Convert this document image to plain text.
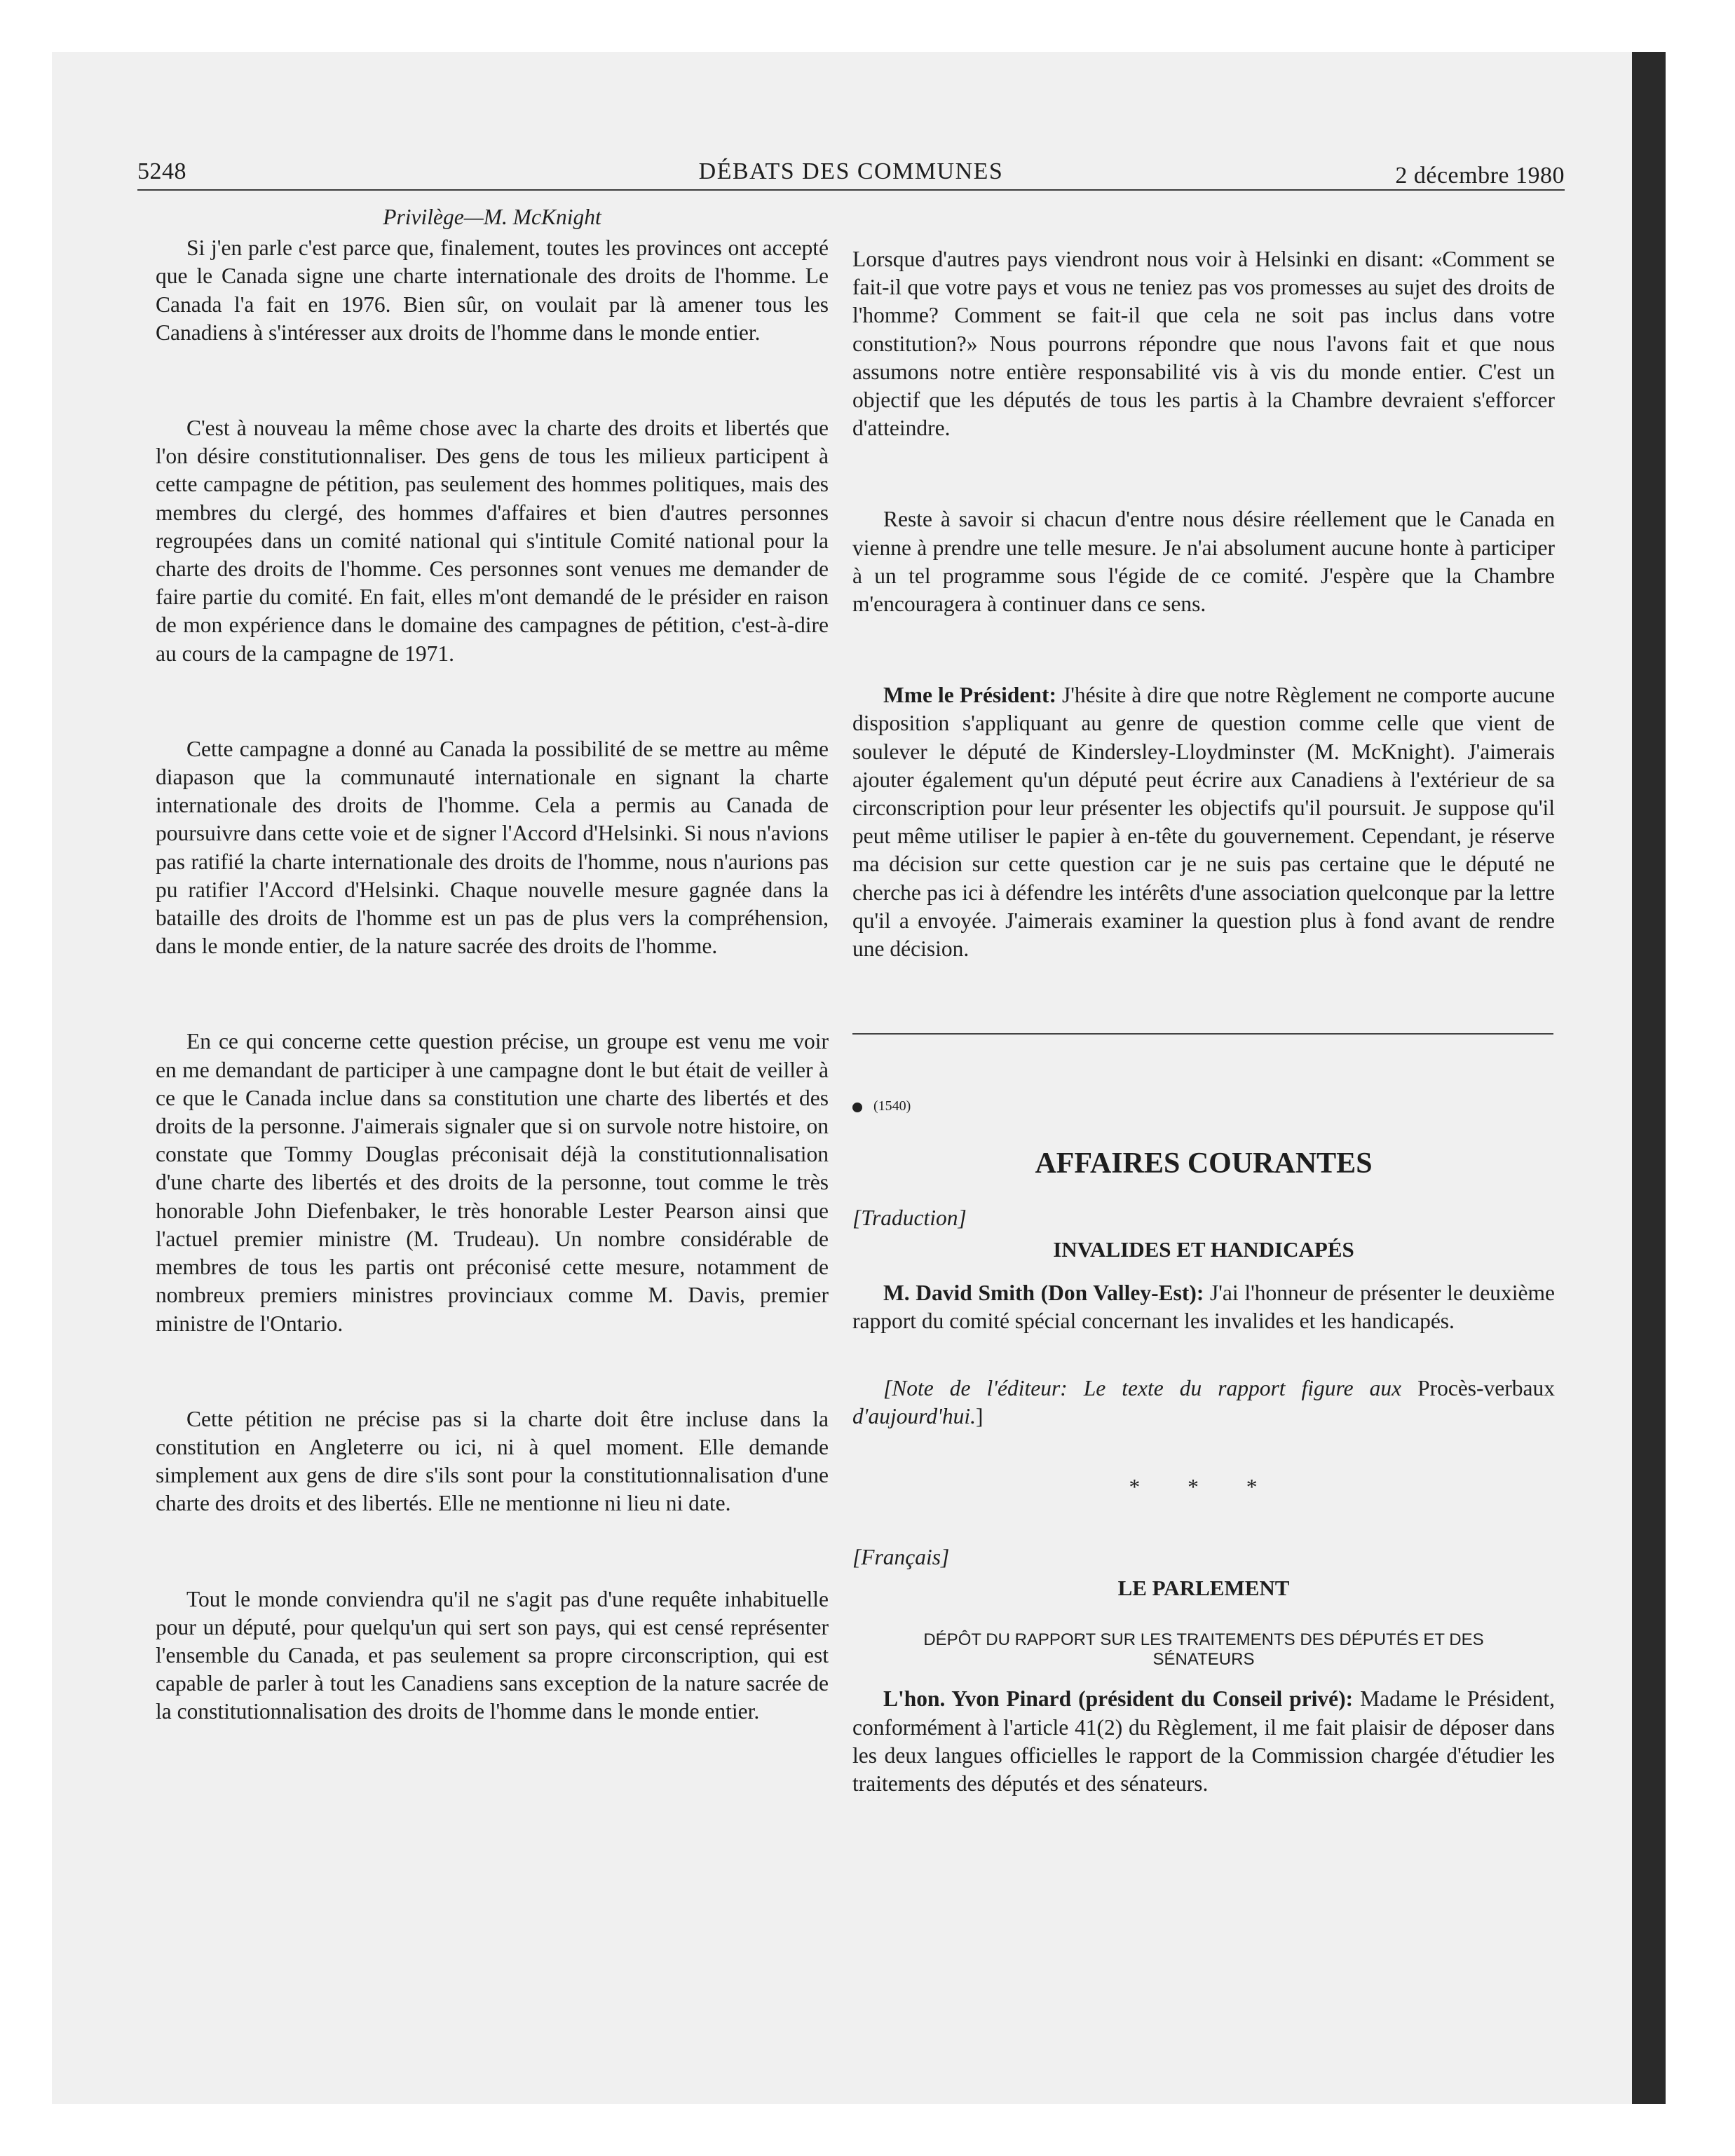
5248	DÉBATS DES COMMUNES	2 décembre 1980

Privilège—M. McKnight

Si j'en parle c'est parce que, finalement, toutes les provinces ont accepté que le Canada signe une charte internationale des droits de l'homme. Le Canada l'a fait en 1976. Bien sûr, on voulait par là amener tous les Canadiens à s'intéresser aux droits de l'homme dans le monde entier.

C'est à nouveau la même chose avec la charte des droits et libertés que l'on désire constitutionnaliser. Des gens de tous les milieux participent à cette campagne de pétition, pas seulement des hommes politiques, mais des membres du clergé, des hommes d'affaires et bien d'autres personnes regroupées dans un comité national qui s'intitule Comité national pour la charte des droits de l'homme. Ces personnes sont venues me demander de faire partie du comité. En fait, elles m'ont demandé de le présider en raison de mon expérience dans le domaine des campagnes de pétition, c'est-à-dire au cours de la campagne de 1971.

Cette campagne a donné au Canada la possibilité de se mettre au même diapason que la communauté internationale en signant la charte internationale des droits de l'homme. Cela a permis au Canada de poursuivre dans cette voie et de signer l'Accord d'Helsinki. Si nous n'avions pas ratifié la charte internationale des droits de l'homme, nous n'aurions pas pu ratifier l'Accord d'Helsinki. Chaque nouvelle mesure gagnée dans la bataille des droits de l'homme est un pas de plus vers la compréhension, dans le monde entier, de la nature sacrée des droits de l'homme.

En ce qui concerne cette question précise, un groupe est venu me voir en me demandant de participer à une campagne dont le but était de veiller à ce que le Canada inclue dans sa constitution une charte des libertés et des droits de la personne. J'aimerais signaler que si on survole notre histoire, on constate que Tommy Douglas préconisait déjà la constitutionnalisation d'une charte des libertés et des droits de la personne, tout comme le très honorable John Diefenbaker, le très honorable Lester Pearson ainsi que l'actuel premier ministre (M. Trudeau). Un nombre considérable de membres de tous les partis ont préconisé cette mesure, notamment de nombreux premiers ministres provinciaux comme M. Davis, premier ministre de l'Ontario.

Cette pétition ne précise pas si la charte doit être incluse dans la constitution en Angleterre ou ici, ni à quel moment. Elle demande simplement aux gens de dire s'ils sont pour la constitutionnalisation d'une charte des droits et des libertés. Elle ne mentionne ni lieu ni date.

Tout le monde conviendra qu'il ne s'agit pas d'une requête inhabituelle pour un député, pour quelqu'un qui sert son pays, qui est censé représenter l'ensemble du Canada, et pas seulement sa propre circonscription, qui est capable de parler à tout les Canadiens sans exception de la nature sacrée de la constitutionnalisation des droits de l'homme dans le monde entier.

Lorsque d'autres pays viendront nous voir à Helsinki en disant: «Comment se fait-il que votre pays et vous ne teniez pas vos promesses au sujet des droits de l'homme? Comment se fait-il que cela ne soit pas inclus dans votre constitution?» Nous pourrons répondre que nous l'avons fait et que nous assumons notre entière responsabilité vis à vis du monde entier. C'est un objectif que les députés de tous les partis à la Chambre devraient s'efforcer d'atteindre.

Reste à savoir si chacun d'entre nous désire réellement que le Canada en vienne à prendre une telle mesure. Je n'ai absolument aucune honte à participer à un tel programme sous l'égide de ce comité. J'espère que la Chambre m'encouragera à continuer dans ce sens.

Mme le Président: J'hésite à dire que notre Règlement ne comporte aucune disposition s'appliquant au genre de question comme celle que vient de soulever le député de Kindersley-Lloydminster (M. McKnight). J'aimerais ajouter également qu'un député peut écrire aux Canadiens à l'extérieur de sa circonscription pour leur présenter les objectifs qu'il poursuit. Je suppose qu'il peut même utiliser le papier à en-tête du gouvernement. Cependant, je réserve ma décision sur cette question car je ne suis pas certaine que le député ne cherche pas ici à défendre les intérêts d'une association quelconque par la lettre qu'il a envoyée. J'aimerais examiner la question plus à fond avant de rendre une décision.

(1540)

AFFAIRES COURANTES

[Traduction]

INVALIDES ET HANDICAPÉS

M. David Smith (Don Valley-Est): J'ai l'honneur de présenter le deuxième rapport du comité spécial concernant les invalides et les handicapés.

[Note de l'éditeur: Le texte du rapport figure aux Procès-verbaux d'aujourd'hui.]

* * *

[Français]

LE PARLEMENT

DÉPÔT DU RAPPORT SUR LES TRAITEMENTS DES DÉPUTÉS ET DES SÉNATEURS

L'hon. Yvon Pinard (président du Conseil privé): Madame le Président, conformément à l'article 41(2) du Règlement, il me fait plaisir de déposer dans les deux langues officielles le rapport de la Commission chargée d'étudier les traitements des députés et des sénateurs.
